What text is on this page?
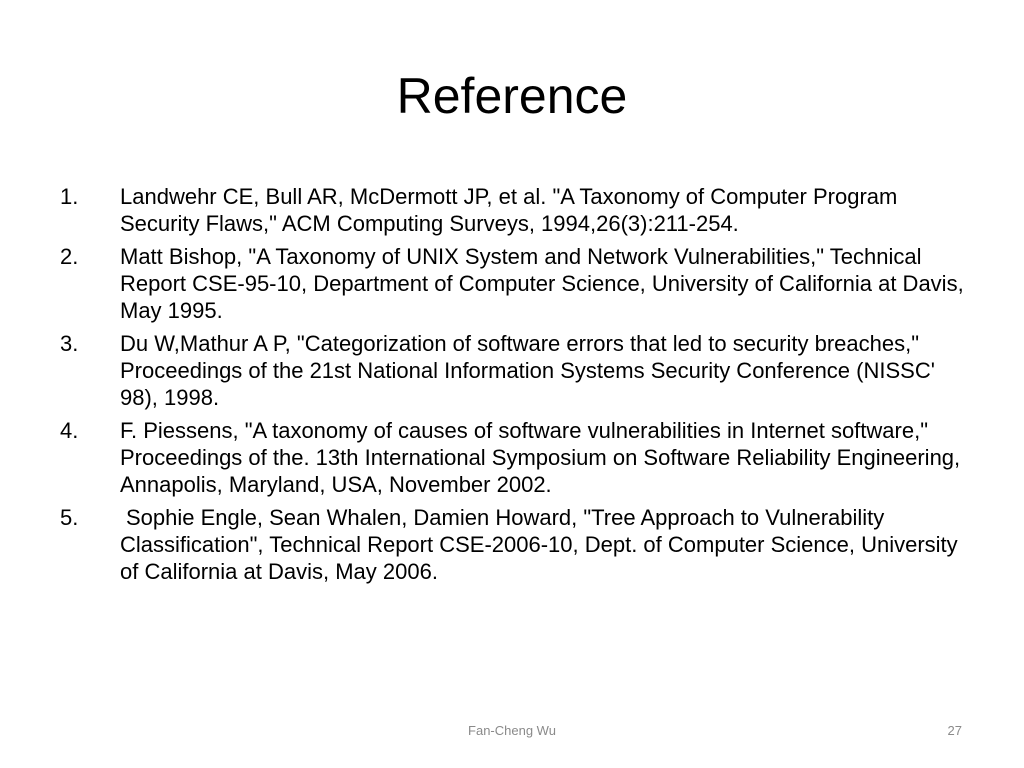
Reference
1. Landwehr CE, Bull AR, McDermott JP, et al. "A Taxonomy of Computer Program Security Flaws," ACM Computing Surveys, 1994,26(3):211-254.
2. Matt Bishop, "A Taxonomy of UNIX System and Network Vulnerabilities," Technical Report CSE-95-10, Department of Computer Science, University of California at Davis, May 1995.
3. Du W,Mathur A P, "Categorization of software errors that led to security breaches," Proceedings of the 21st National Information Systems Security Conference (NISSC' 98), 1998.
4. F. Piessens, "A taxonomy of causes of software vulnerabilities in Internet software," Proceedings of the. 13th International Symposium on Software Reliability Engineering, Annapolis, Maryland, USA, November 2002.
5. Sophie Engle, Sean Whalen, Damien Howard, "Tree Approach to Vulnerability Classification", Technical Report CSE-2006-10, Dept. of Computer Science, University of California at Davis, May 2006.
Fan-Cheng Wu	27
